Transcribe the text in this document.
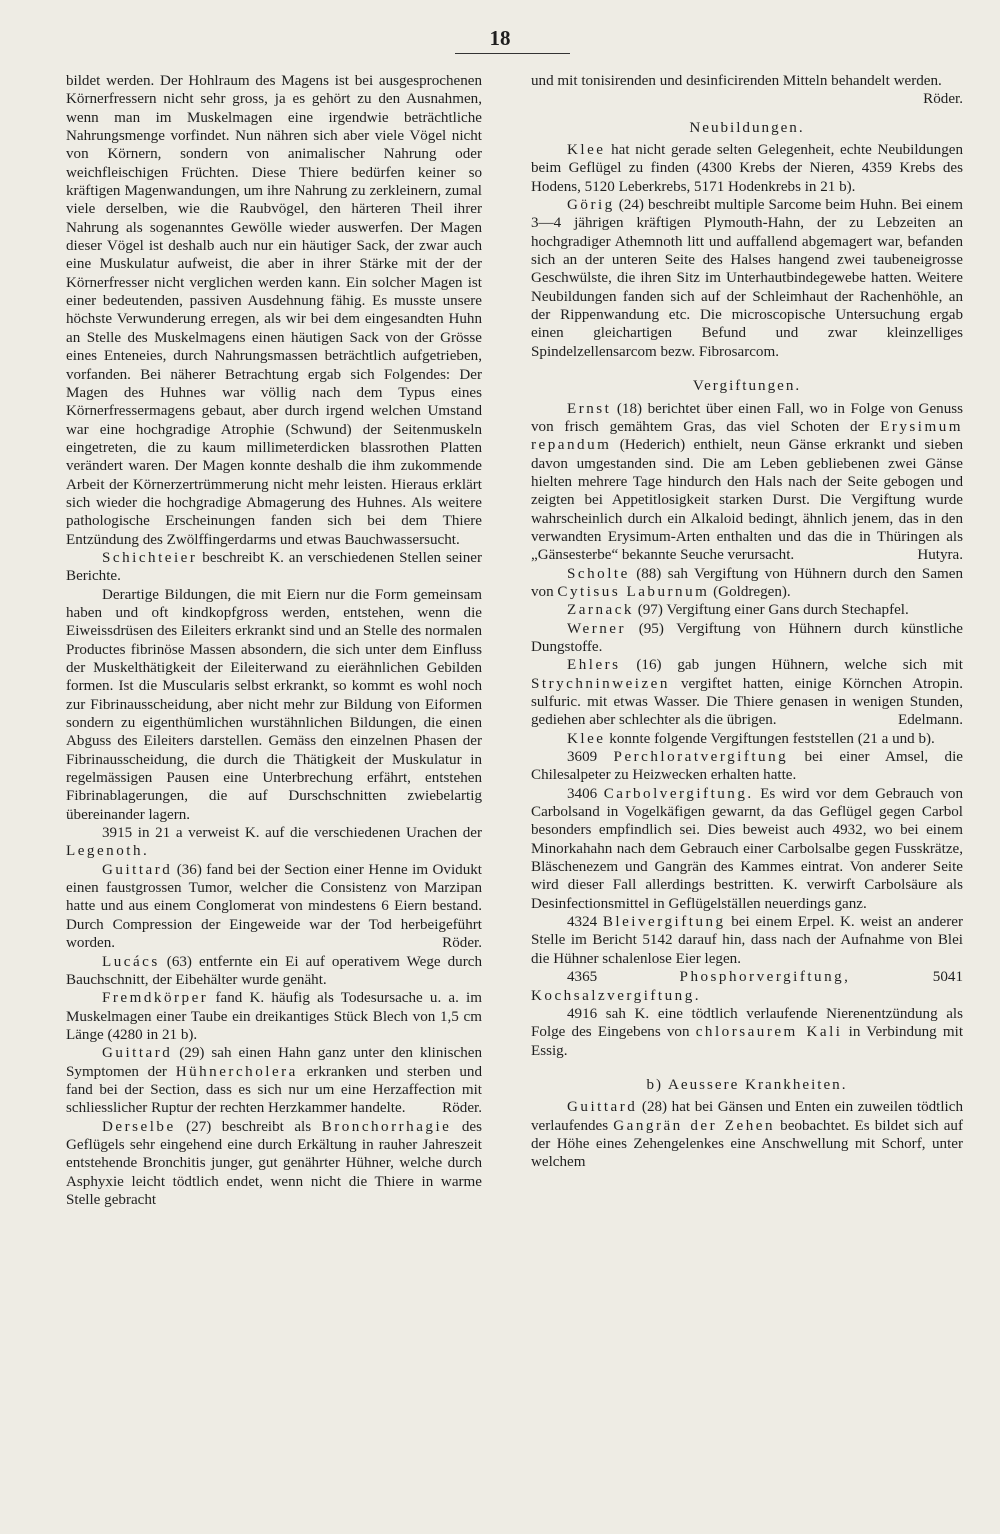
18

bildet werden. Der Hohlraum des Magens ist bei ausgesprochenen Körnerfressern nicht sehr gross, ja es gehört zu den Ausnahmen, wenn man im Muskelmagen eine irgendwie beträchtliche Nahrungsmenge vorfindet. Nun nähren sich aber viele Vögel nicht von Körnern, sondern von animalischer Nahrung oder weichfleischigen Früchten. Diese Thiere bedürfen keiner so kräftigen Magenwandungen, um ihre Nahrung zu zerkleinern, zumal viele derselben, wie die Raubvögel, den härteren Theil ihrer Nahrung als sogenanntes Gewölle wieder auswerfen. Der Magen dieser Vögel ist deshalb auch nur ein häutiger Sack, der zwar auch eine Muskulatur aufweist, die aber in ihrer Stärke mit der der Körnerfresser nicht verglichen werden kann. Ein solcher Magen ist einer bedeutenden, passiven Ausdehnung fähig. Es musste unsere höchste Verwunderung erregen, als wir bei dem eingesandten Huhn an Stelle des Muskelmagens einen häutigen Sack von der Grösse eines Enteneies, durch Nahrungsmassen beträchtlich aufgetrieben, vorfanden. Bei näherer Betrachtung ergab sich Folgendes: Der Magen des Huhnes war völlig nach dem Typus eines Körnerfressermagens gebaut, aber durch irgend welchen Umstand war eine hochgradige Atrophie (Schwund) der Seitenmuskeln eingetreten, die zu kaum millimeterdicken blassrothen Platten verändert waren. Der Magen konnte deshalb die ihm zukommende Arbeit der Körnerzertrümmerung nicht mehr leisten. Hieraus erklärt sich wieder die hochgradige Abmagerung des Huhnes. Als weitere pathologische Erscheinungen fanden sich bei dem Thiere Entzündung des Zwölffingerdarms und etwas Bauchwassersucht.

Schichteier beschreibt K. an verschiedenen Stellen seiner Berichte.

Derartige Bildungen, die mit Eiern nur die Form gemeinsam haben und oft kindkopfgross werden, entstehen, wenn die Eiweissdrüsen des Eileiters erkrankt sind und an Stelle des normalen Productes fibrinöse Massen absondern, die sich unter dem Einfluss der Muskelthätigkeit der Eileiterwand zu eierähnlichen Gebilden formen. Ist die Muscularis selbst erkrankt, so kommt es wohl noch zur Fibrinausscheidung, aber nicht mehr zur Bildung von Eiformen sondern zu eigenthümlichen wurstähnlichen Bildungen, die einen Abguss des Eileiters darstellen. Gemäss den einzelnen Phasen der Fibrinausscheidung, die durch die Thätigkeit der Muskulatur in regelmässigen Pausen eine Unterbrechung erfährt, entstehen Fibrinablagerungen, die auf Durschschnitten zwiebelartig übereinander lagern.

3915 in 21 a verweist K. auf die verschiedenen Urachen der Legenoth.

Guittard (36) fand bei der Section einer Henne im Ovidukt einen faustgrossen Tumor, welcher die Consistenz von Marzipan hatte und aus einem Conglomerat von mindestens 6 Eiern bestand. Durch Compression der Eingeweide war der Tod herbeigeführt worden.	Röder.

Lucács (63) entfernte ein Ei auf operativem Wege durch Bauchschnitt, der Eibehälter wurde genäht.

Fremdkörper fand K. häufig als Todesursache u. a. im Muskelmagen einer Taube ein dreikantiges Stück Blech von 1,5 cm Länge (4280 in 21 b).

Guittard (29) sah einen Hahn ganz unter den klinischen Symptomen der Hühnercholera erkranken und sterben und fand bei der Section, dass es sich nur um eine Herzaffection mit schliesslicher Ruptur der rechten Herzkammer handelte. Röder.

Derselbe (27) beschreibt als Bronchorrhagie des Geflügels sehr eingehend eine durch Erkältung in rauher Jahreszeit entstehende Bronchitis junger, gut genährter Hühner, welche durch Asphyxie leicht tödtlich endet, wenn nicht die Thiere in warme Stelle gebracht

und mit tonisirenden und desinficirenden Mitteln behandelt werden.
Röder.

Neubildungen.

Klee hat nicht gerade selten Gelegenheit, echte Neubildungen beim Geflügel zu finden (4300 Krebs der Nieren, 4359 Krebs des Hodens, 5120 Leberkrebs, 5171 Hodenkrebs in 21 b).

Görig (24) beschreibt multiple Sarcome beim Huhn. Bei einem 3—4 jährigen kräftigen Plymouth-Hahn, der zu Lebzeiten an hochgradiger Athemnoth litt und auffallend abgemagert war, befanden sich an der unteren Seite des Halses hangend zwei taubeneigrosse Geschwülste, die ihren Sitz im Unterhautbindegewebe hatten. Weitere Neubildungen fanden sich auf der Schleimhaut der Rachenhöhle, an der Rippenwandung etc. Die microscopische Untersuchung ergab einen gleichartigen Befund und zwar kleinzelliges Spindelzellensarcom bezw. Fibrosarcom.

Vergiftungen.

Ernst (18) berichtet über einen Fall, wo in Folge von Genuss von frisch gemähtem Gras, das viel Schoten der Erysimum repandum (Hederich) enthielt, neun Gänse erkrankt und sieben davon umgestanden sind. Die am Leben gebliebenen zwei Gänse hielten mehrere Tage hindurch den Hals nach der Seite gebogen und zeigten bei Appetitlosigkeit starken Durst. Die Vergiftung wurde wahrscheinlich durch ein Alkaloid bedingt, ähnlich jenem, das in den verwandten Erysimum-Arten enthalten und das die in Thüringen als „Gänsesterbe“ bekannte Seuche verursacht.	Hutyra.

Scholte (88) sah Vergiftung von Hühnern durch den Samen von Cytisus Laburnum (Goldregen).

Zarnack (97) Vergiftung einer Gans durch Stechapfel.

Werner (95) Vergiftung von Hühnern durch künstliche Dungstoffe.

Ehlers (16) gab jungen Hühnern, welche sich mit Strychninweizen vergiftet hatten, einige Körnchen Atropin. sulfuric. mit etwas Wasser. Die Thiere genasen in wenigen Stunden, gediehen aber schlechter als die übrigen.	Edelmann.

Klee konnte folgende Vergiftungen feststellen (21 a und b).

3609 Perchloratvergiftung bei einer Amsel, die Chilesalpeter zu Heizwecken erhalten hatte.

3406 Carbolvergiftung. Es wird vor dem Gebrauch von Carbolsand in Vogelkäfigen gewarnt, da das Geflügel gegen Carbol besonders empfindlich sei. Dies beweist auch 4932, wo bei einem Minorkahahn nach dem Gebrauch einer Carbolsalbe gegen Fusskrätze, Bläschenezem und Gangrän des Kammes eintrat. Von anderer Seite wird dieser Fall allerdings bestritten. K. verwirft Carbolsäure als Desinfectionsmittel in Geflügelställen neuerdings ganz.

4324 Bleivergiftung bei einem Erpel. K. weist an anderer Stelle im Bericht 5142 darauf hin, dass nach der Aufnahme von Blei die Hühner schalenlose Eier legen.

4365 Phosphorvergiftung, 5041 Kochsalzvergiftung.

4916 sah K. eine tödtlich verlaufende Nierenentzündung als Folge des Eingebens von chlorsaurem Kali in Verbindung mit Essig.

b) Aeussere Krankheiten.

Guittard (28) hat bei Gänsen und Enten ein zuweilen tödtlich verlaufendes Gangrän der Zehen beobachtet. Es bildet sich auf der Höhe eines Zehengelenkes eine Anschwellung mit Schorf, unter welchem
